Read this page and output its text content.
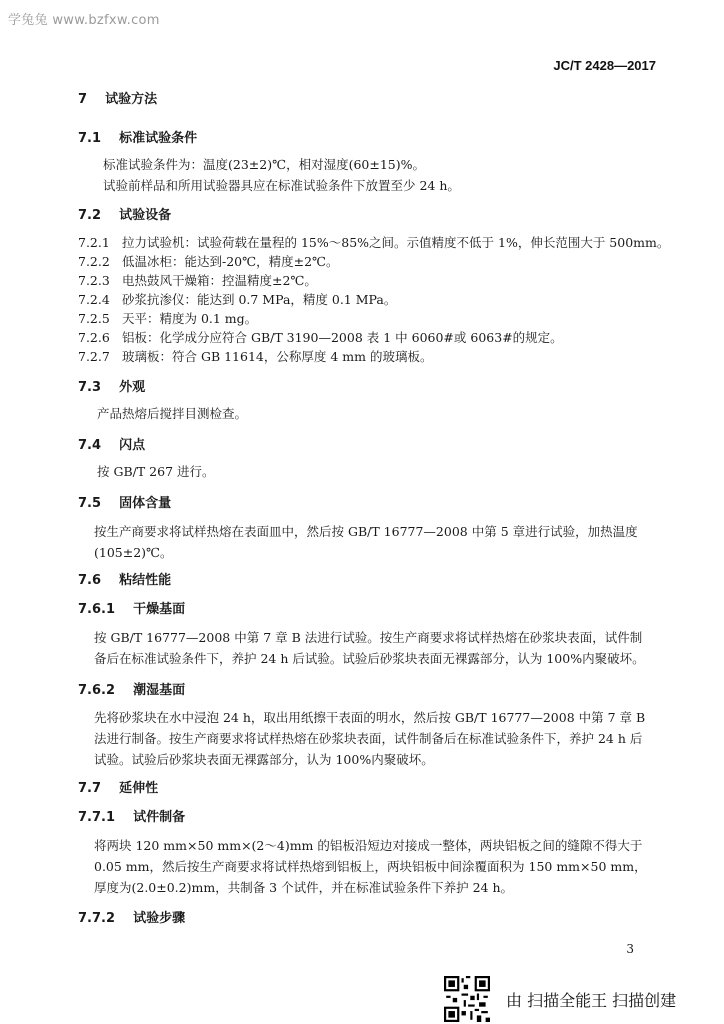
学兔兔 www.bzfxw.com
JC/T 2428—2017
7 试验方法
7.1 标准试验条件
标准试验条件为：温度(23±2)℃，相对湿度(60±15)%。
试验前样品和所用试验器具应在标准试验条件下放置至少 24 h。
7.2 试验设备
7.2.1 拉力试验机：试验荷载在量程的 15%～85%之间。示值精度不低于 1%，伸长范围大于 500mm。
7.2.2 低温冰柜：能达到-20℃，精度±2℃。
7.2.3 电热鼓风干燥箱：控温精度±2℃。
7.2.4 砂浆抗渗仪：能达到 0.7 MPa，精度 0.1 MPa。
7.2.5 天平：精度为 0.1 mg。
7.2.6 铝板：化学成分应符合 GB/T 3190—2008 表 1 中 6060#或 6063#的规定。
7.2.7 玻璃板：符合 GB 11614，公称厚度 4 mm 的玻璃板。
7.3 外观
产品热熔后搅拌目测检查。
7.4 闪点
按 GB/T 267 进行。
7.5 固体含量
按生产商要求将试样热熔在表面皿中，然后按 GB/T 16777—2008 中第 5 章进行试验，加热温度(105±2)℃。
7.6 粘结性能
7.6.1 干燥基面
按 GB/T 16777—2008 中第 7 章 B 法进行试验。按生产商要求将试样热熔在砂浆块表面，试件制备后在标准试验条件下，养护 24 h 后试验。试验后砂浆块表面无裸露部分，认为 100%内聚破坏。
7.6.2 潮湿基面
先将砂浆块在水中浸泡 24 h，取出用纸擦干表面的明水，然后按 GB/T 16777—2008 中第 7 章 B 法进行制备。按生产商要求将试样热熔在砂浆块表面，试件制备后在标准试验条件下，养护 24 h 后试验。试验后砂浆块表面无裸露部分，认为 100%内聚破坏。
7.7 延伸性
7.7.1 试件制备
将两块 120 mm×50 mm×(2～4)mm 的铝板沿短边对接成一整体，两块铝板之间的缝隙不得大于 0.05 mm，然后按生产商要求将试样热熔到铝板上，两块铝板中间涂覆面积为 150 mm×50 mm，厚度为(2.0±0.2)mm，共制备 3 个试件，并在标准试验条件下养护 24 h。
7.7.2 试验步骤
3
由 扫描全能王 扫描创建
